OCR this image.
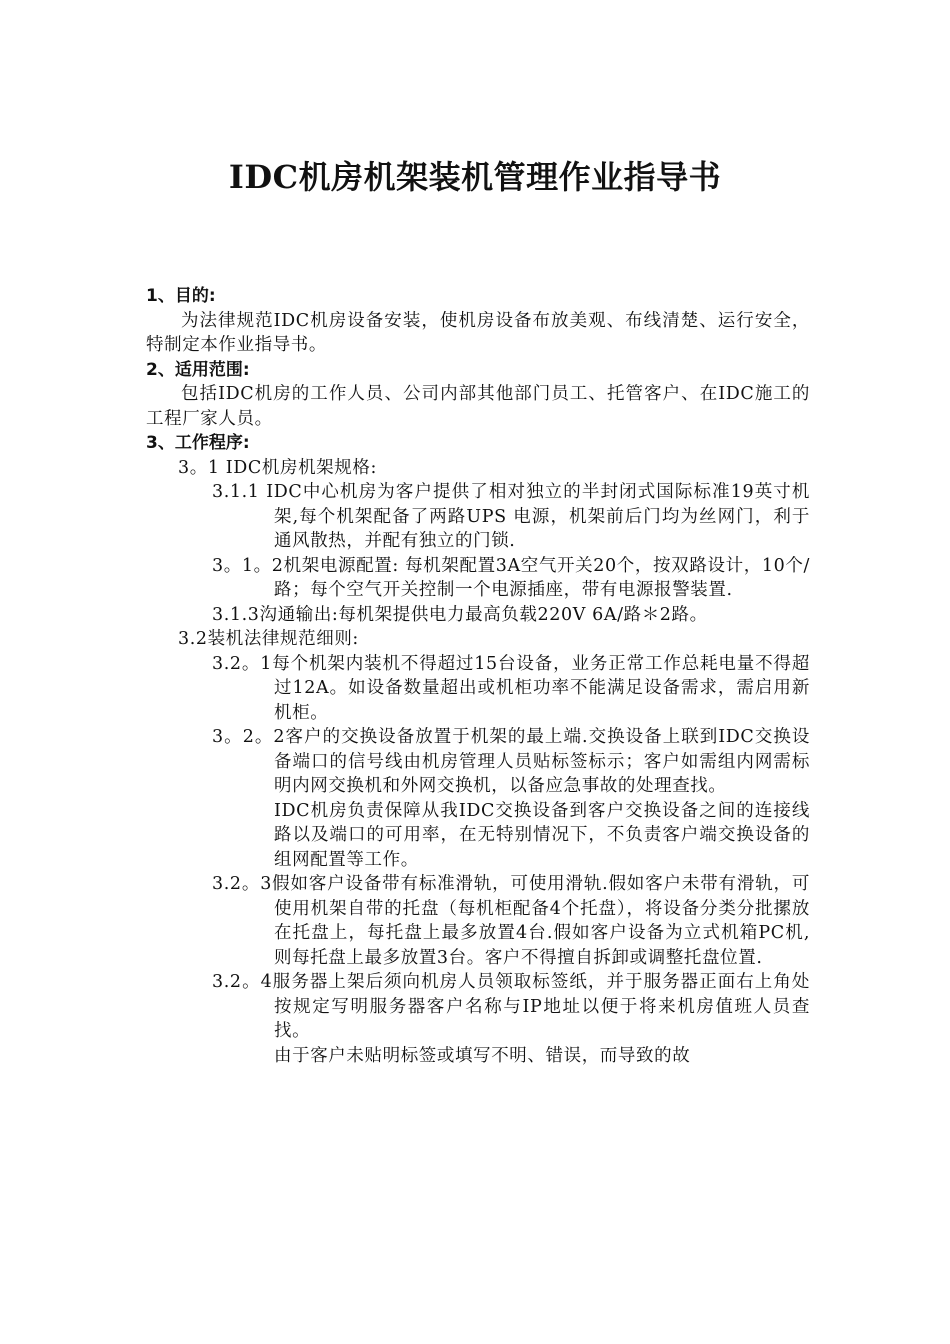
IDC机房机架装机管理作业指导书
1、目的:
为法律规范IDC机房设备安装，使机房设备布放美观、布线清楚、运行安全，特制定本作业指导书。
2、适用范围:
包括IDC机房的工作人员、公司内部其他部门员工、托管客户、在IDC施工的工程厂家人员。
3、工作程序:
3。1 IDC机房机架规格:
3.1.1 IDC中心机房为客户提供了相对独立的半封闭式国际标准19英寸机架,每个机架配备了两路UPS 电源，机架前后门均为丝网门，利于通风散热，并配有独立的门锁.
3。1。2机架电源配置: 每机架配置3A空气开关20个，按双路设计，10个/路；每个空气开关控制一个电源插座，带有电源报警装置.
3.1.3沟通输出:每机架提供电力最高负载220V 6A/路＊2路。
3.2装机法律规范细则:
3.2。1每个机架内装机不得超过15台设备，业务正常工作总耗电量不得超过12A。如设备数量超出或机柜功率不能满足设备需求，需启用新机柜。
3。2。2客户的交换设备放置于机架的最上端.交换设备上联到IDC交换设备端口的信号线由机房管理人员贴标签标示；客户如需组内网需标明内网交换机和外网交换机，以备应急事故的处理查找。
IDC机房负责保障从我IDC交换设备到客户交换设备之间的连接线路以及端口的可用率，在无特别情况下，不负责客户端交换设备的组网配置等工作。
3.2。3假如客户设备带有标准滑轨，可使用滑轨.假如客户未带有滑轨，可使用机架自带的托盘（每机柜配备4个托盘），将设备分类分批摞放在托盘上，每托盘上最多放置4台.假如客户设备为立式机箱PC机,则每托盘上最多放置3台。客户不得擅自拆卸或调整托盘位置.
3.2。4服务器上架后须向机房人员领取标签纸，并于服务器正面右上角处按规定写明服务器客户名称与IP地址以便于将来机房值班人员查找。
由于客户未贴明标签或填写不明、错误，而导致的故
